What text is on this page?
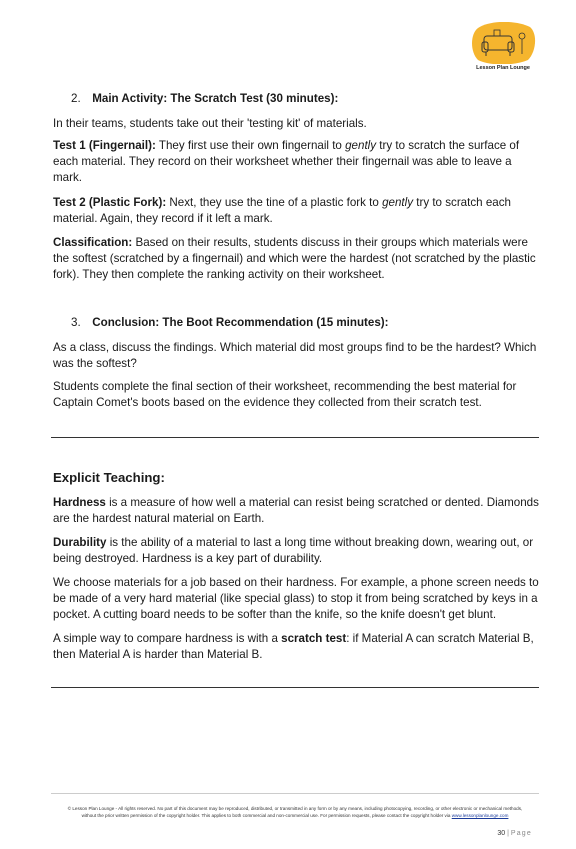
Lesson Plan Lounge
2. Main Activity: The Scratch Test (30 minutes):

In their teams, students take out their 'testing kit' of materials.

Test 1 (Fingernail): They first use their own fingernail to gently try to scratch the surface of each material. They record on their worksheet whether their fingernail was able to leave a mark.

Test 2 (Plastic Fork): Next, they use the tine of a plastic fork to gently try to scratch each material. Again, they record if it left a mark.

Classification: Based on their results, students discuss in their groups which materials were the softest (scratched by a fingernail) and which were the hardest (not scratched by the plastic fork). They then complete the ranking activity on their worksheet.

3. Conclusion: The Boot Recommendation (15 minutes):

As a class, discuss the findings. Which material did most groups find to be the hardest? Which was the softest?

Students complete the final section of their worksheet, recommending the best material for Captain Comet's boots based on the evidence they collected from their scratch test.

Explicit Teaching:

Hardness is a measure of how well a material can resist being scratched or dented. Diamonds are the hardest natural material on Earth.

Durability is the ability of a material to last a long time without breaking down, wearing out, or being destroyed. Hardness is a key part of durability.

We choose materials for a job based on their hardness. For example, a phone screen needs to be made of a very hard material (like special glass) to stop it from being scratched by keys in a pocket. A cutting board needs to be softer than the knife, so the knife doesn't get blunt.

A simple way to compare hardness is with a scratch test: if Material A can scratch Material B, then Material A is harder than Material B.

© Lesson Plan Lounge - All rights reserved. No part of this document may be reproduced, distributed, or transmitted in any form or by any means, including photocopying, recording, or other electronic or mechanical methods, without the prior written permission of the copyright holder. This applies to both commercial and non-commercial use. For permission requests, please contact the copyright holder via www.lessonplanlounge.com
30 | Page
